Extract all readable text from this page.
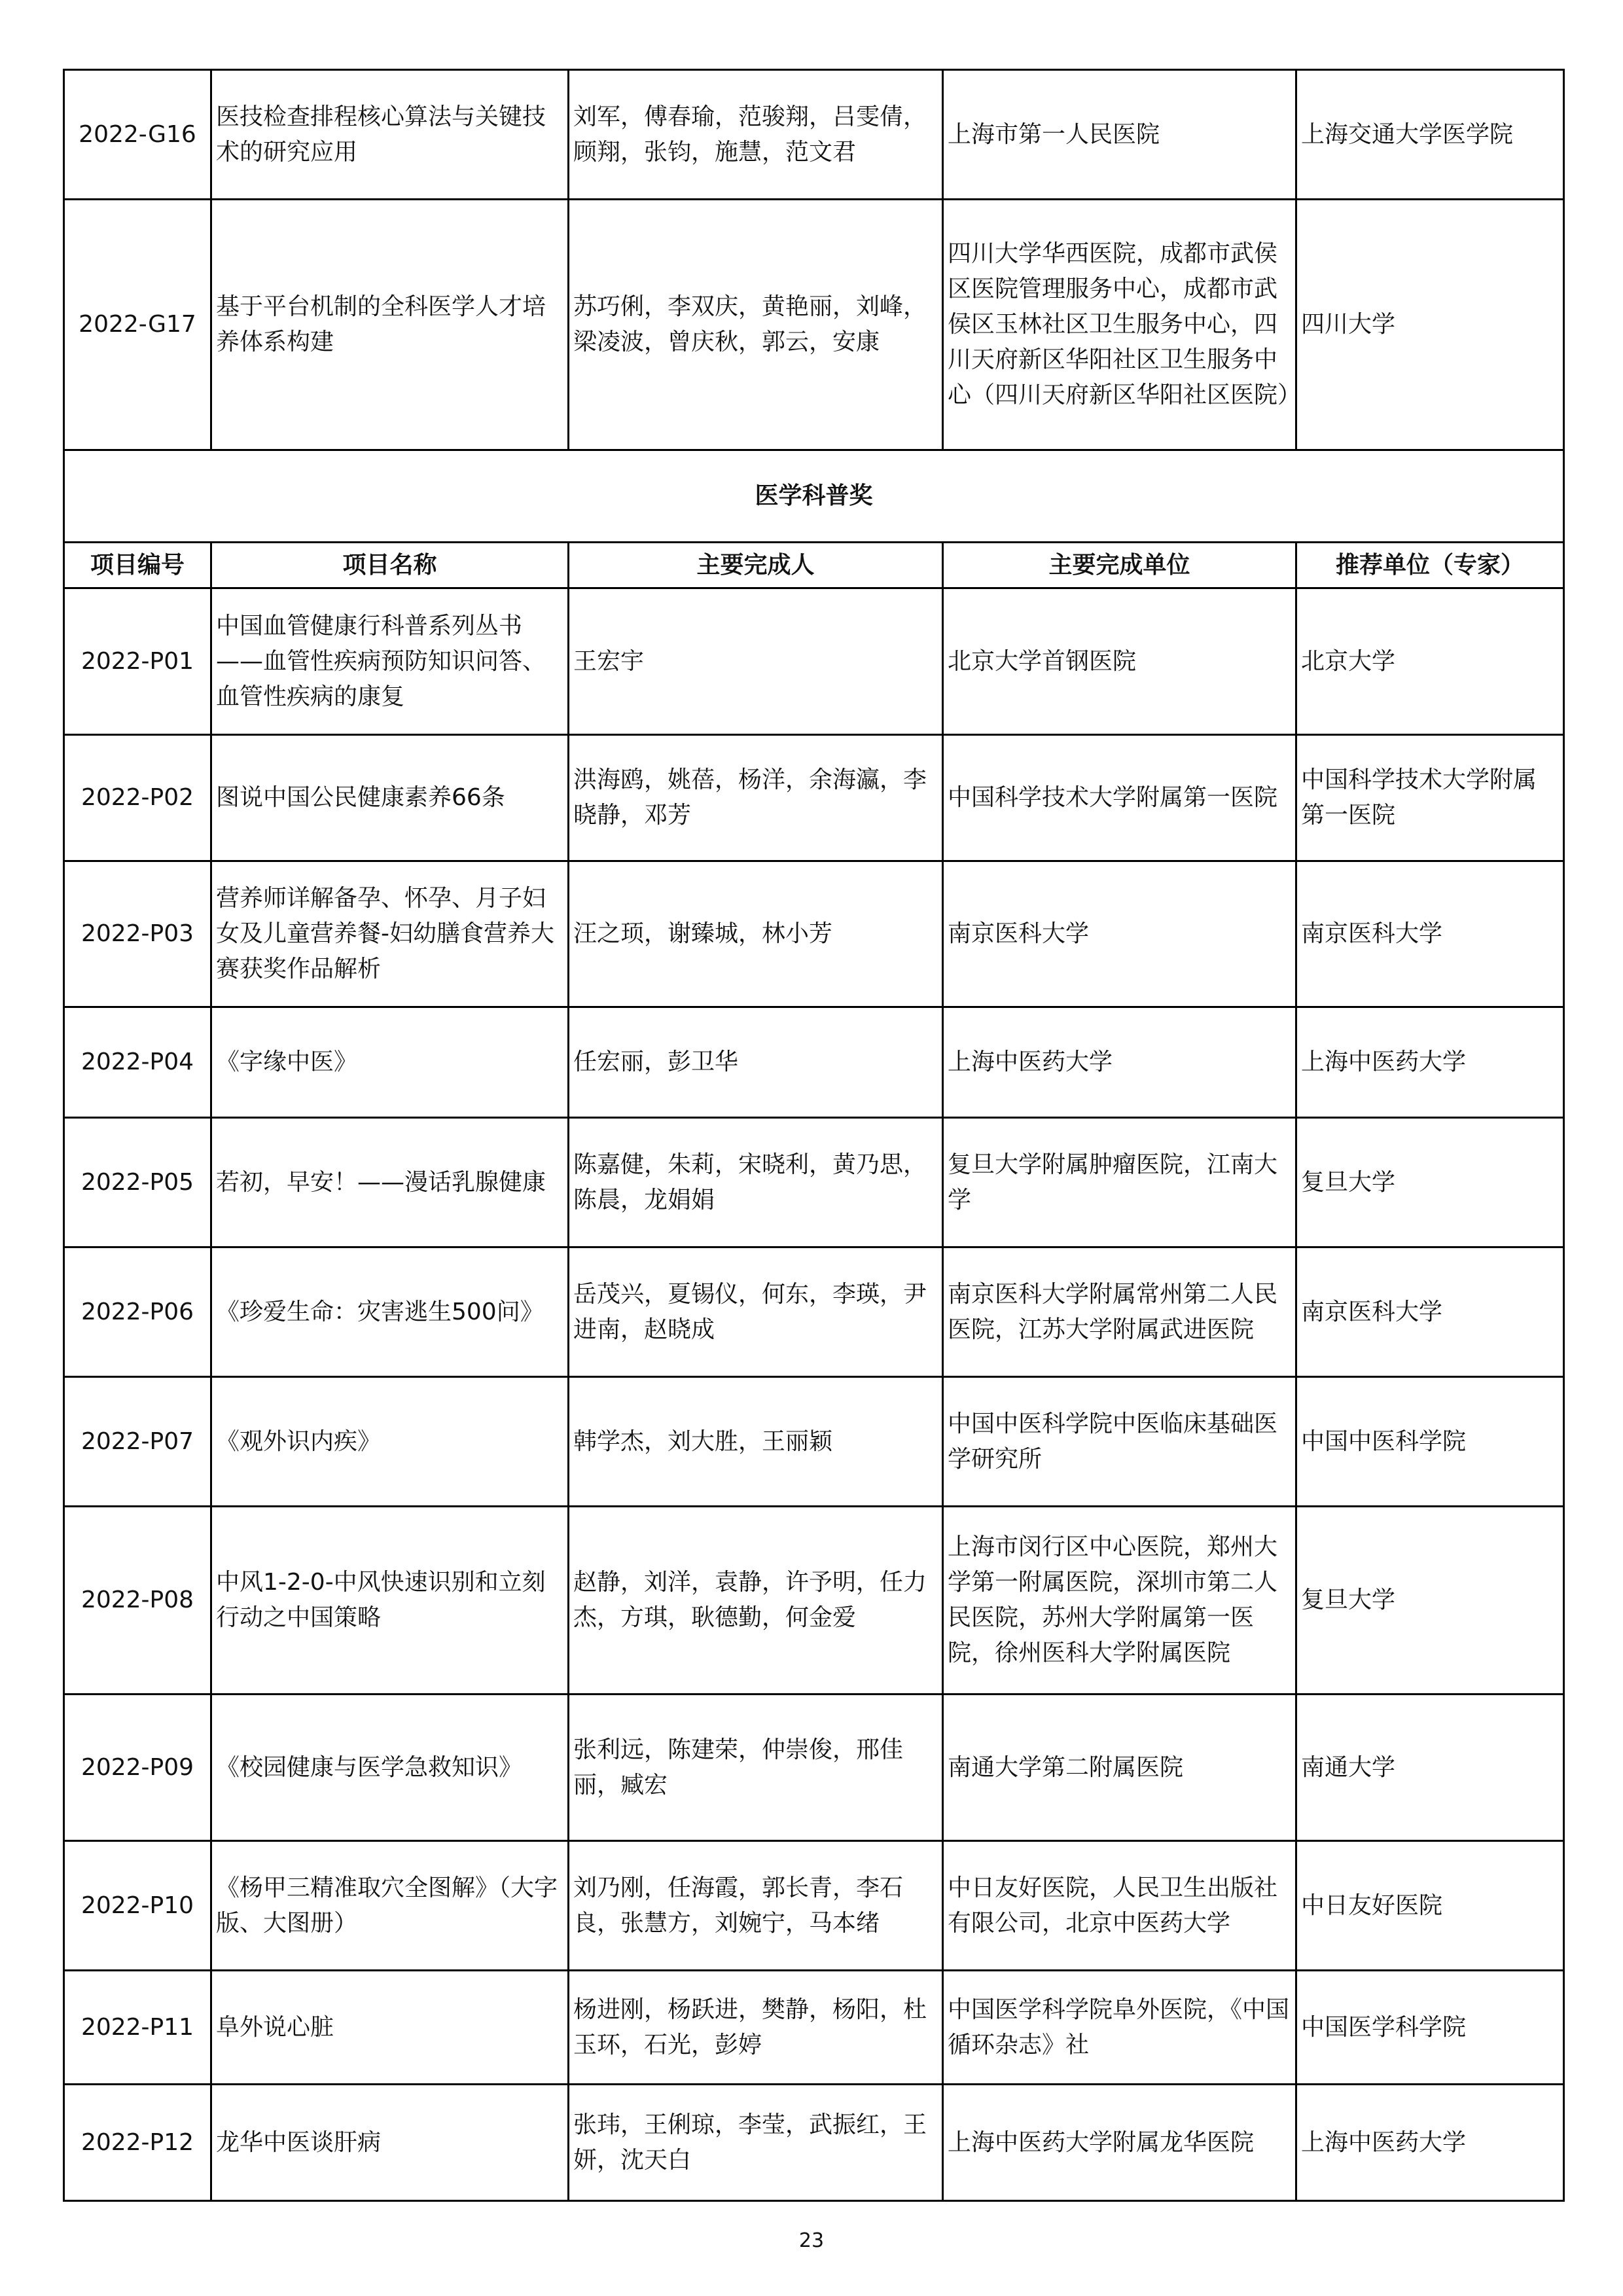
2022-G16	医技检查排程核心算法与关键技术的研究应用	刘军，傅春瑜，范骏翔，吕雯倩，顾翔，张钧，施慧，范文君	上海市第一人民医院	上海交通大学医学院
2022-G17	基于平台机制的全科医学人才培养体系构建	苏巧俐，李双庆，黄艳丽，刘峰，梁凌波，曾庆秋，郭云，安康	四川大学华西医院，成都市武侯区医院管理服务中心，成都市武侯区玉林社区卫生服务中心，四川天府新区华阳社区卫生服务中心（四川天府新区华阳社区医院）	四川大学
医学科普奖				
项目编号	项目名称	主要完成人	主要完成单位	推荐单位（专家）
2022-P01	中国血管健康行科普系列丛书——血管性疾病预防知识问答、血管性疾病的康复	王宏宇	北京大学首钢医院	北京大学
2022-P02	图说中国公民健康素养66条	洪海鸥，姚蓓，杨洋，余海瀛，李晓静，邓芳	中国科学技术大学附属第一医院	中国科学技术大学附属第一医院
2022-P03	营养师详解备孕、怀孕、月子妇女及儿童营养餐-妇幼膳食营养大赛获奖作品解析	汪之顼，谢臻城，林小芳	南京医科大学	南京医科大学
2022-P04	《字缘中医》	任宏丽，彭卫华	上海中医药大学	上海中医药大学
2022-P05	若初，早安！——漫话乳腺健康	陈嘉健，朱莉，宋晓利，黄乃思，陈晨，龙娟娟	复旦大学附属肿瘤医院，江南大学	复旦大学
2022-P06	《珍爱生命：灾害逃生500问》	岳茂兴，夏锡仪，何东，李瑛，尹进南，赵晓成	南京医科大学附属常州第二人民医院，江苏大学附属武进医院	南京医科大学
2022-P07	《观外识内疾》	韩学杰，刘大胜，王丽颖	中国中医科学院中医临床基础医学研究所	中国中医科学院
2022-P08	中风1-2-0-中风快速识别和立刻行动之中国策略	赵静，刘洋，袁静，许予明，任力杰，方琪，耿德勤，何金爱	上海市闵行区中心医院，郑州大学第一附属医院，深圳市第二人民医院，苏州大学附属第一医院，徐州医科大学附属医院	复旦大学
2022-P09	《校园健康与医学急救知识》	张利远，陈建荣，仲崇俊，邢佳丽，臧宏	南通大学第二附属医院	南通大学
2022-P10	《杨甲三精准取穴全图解》（大字版、大图册）	刘乃刚，任海霞，郭长青，李石良，张慧方，刘婉宁，马本绪	中日友好医院，人民卫生出版社有限公司，北京中医药大学	中日友好医院
2022-P11	阜外说心脏	杨进刚，杨跃进，樊静，杨阳，杜玉环，石光，彭婷	中国医学科学院阜外医院，《中国循环杂志》社	中国医学科学院
2022-P12	龙华中医谈肝病	张玮，王俐琼，李莹，武振红，王妍，沈天白	上海中医药大学附属龙华医院	上海中医药大学
23
